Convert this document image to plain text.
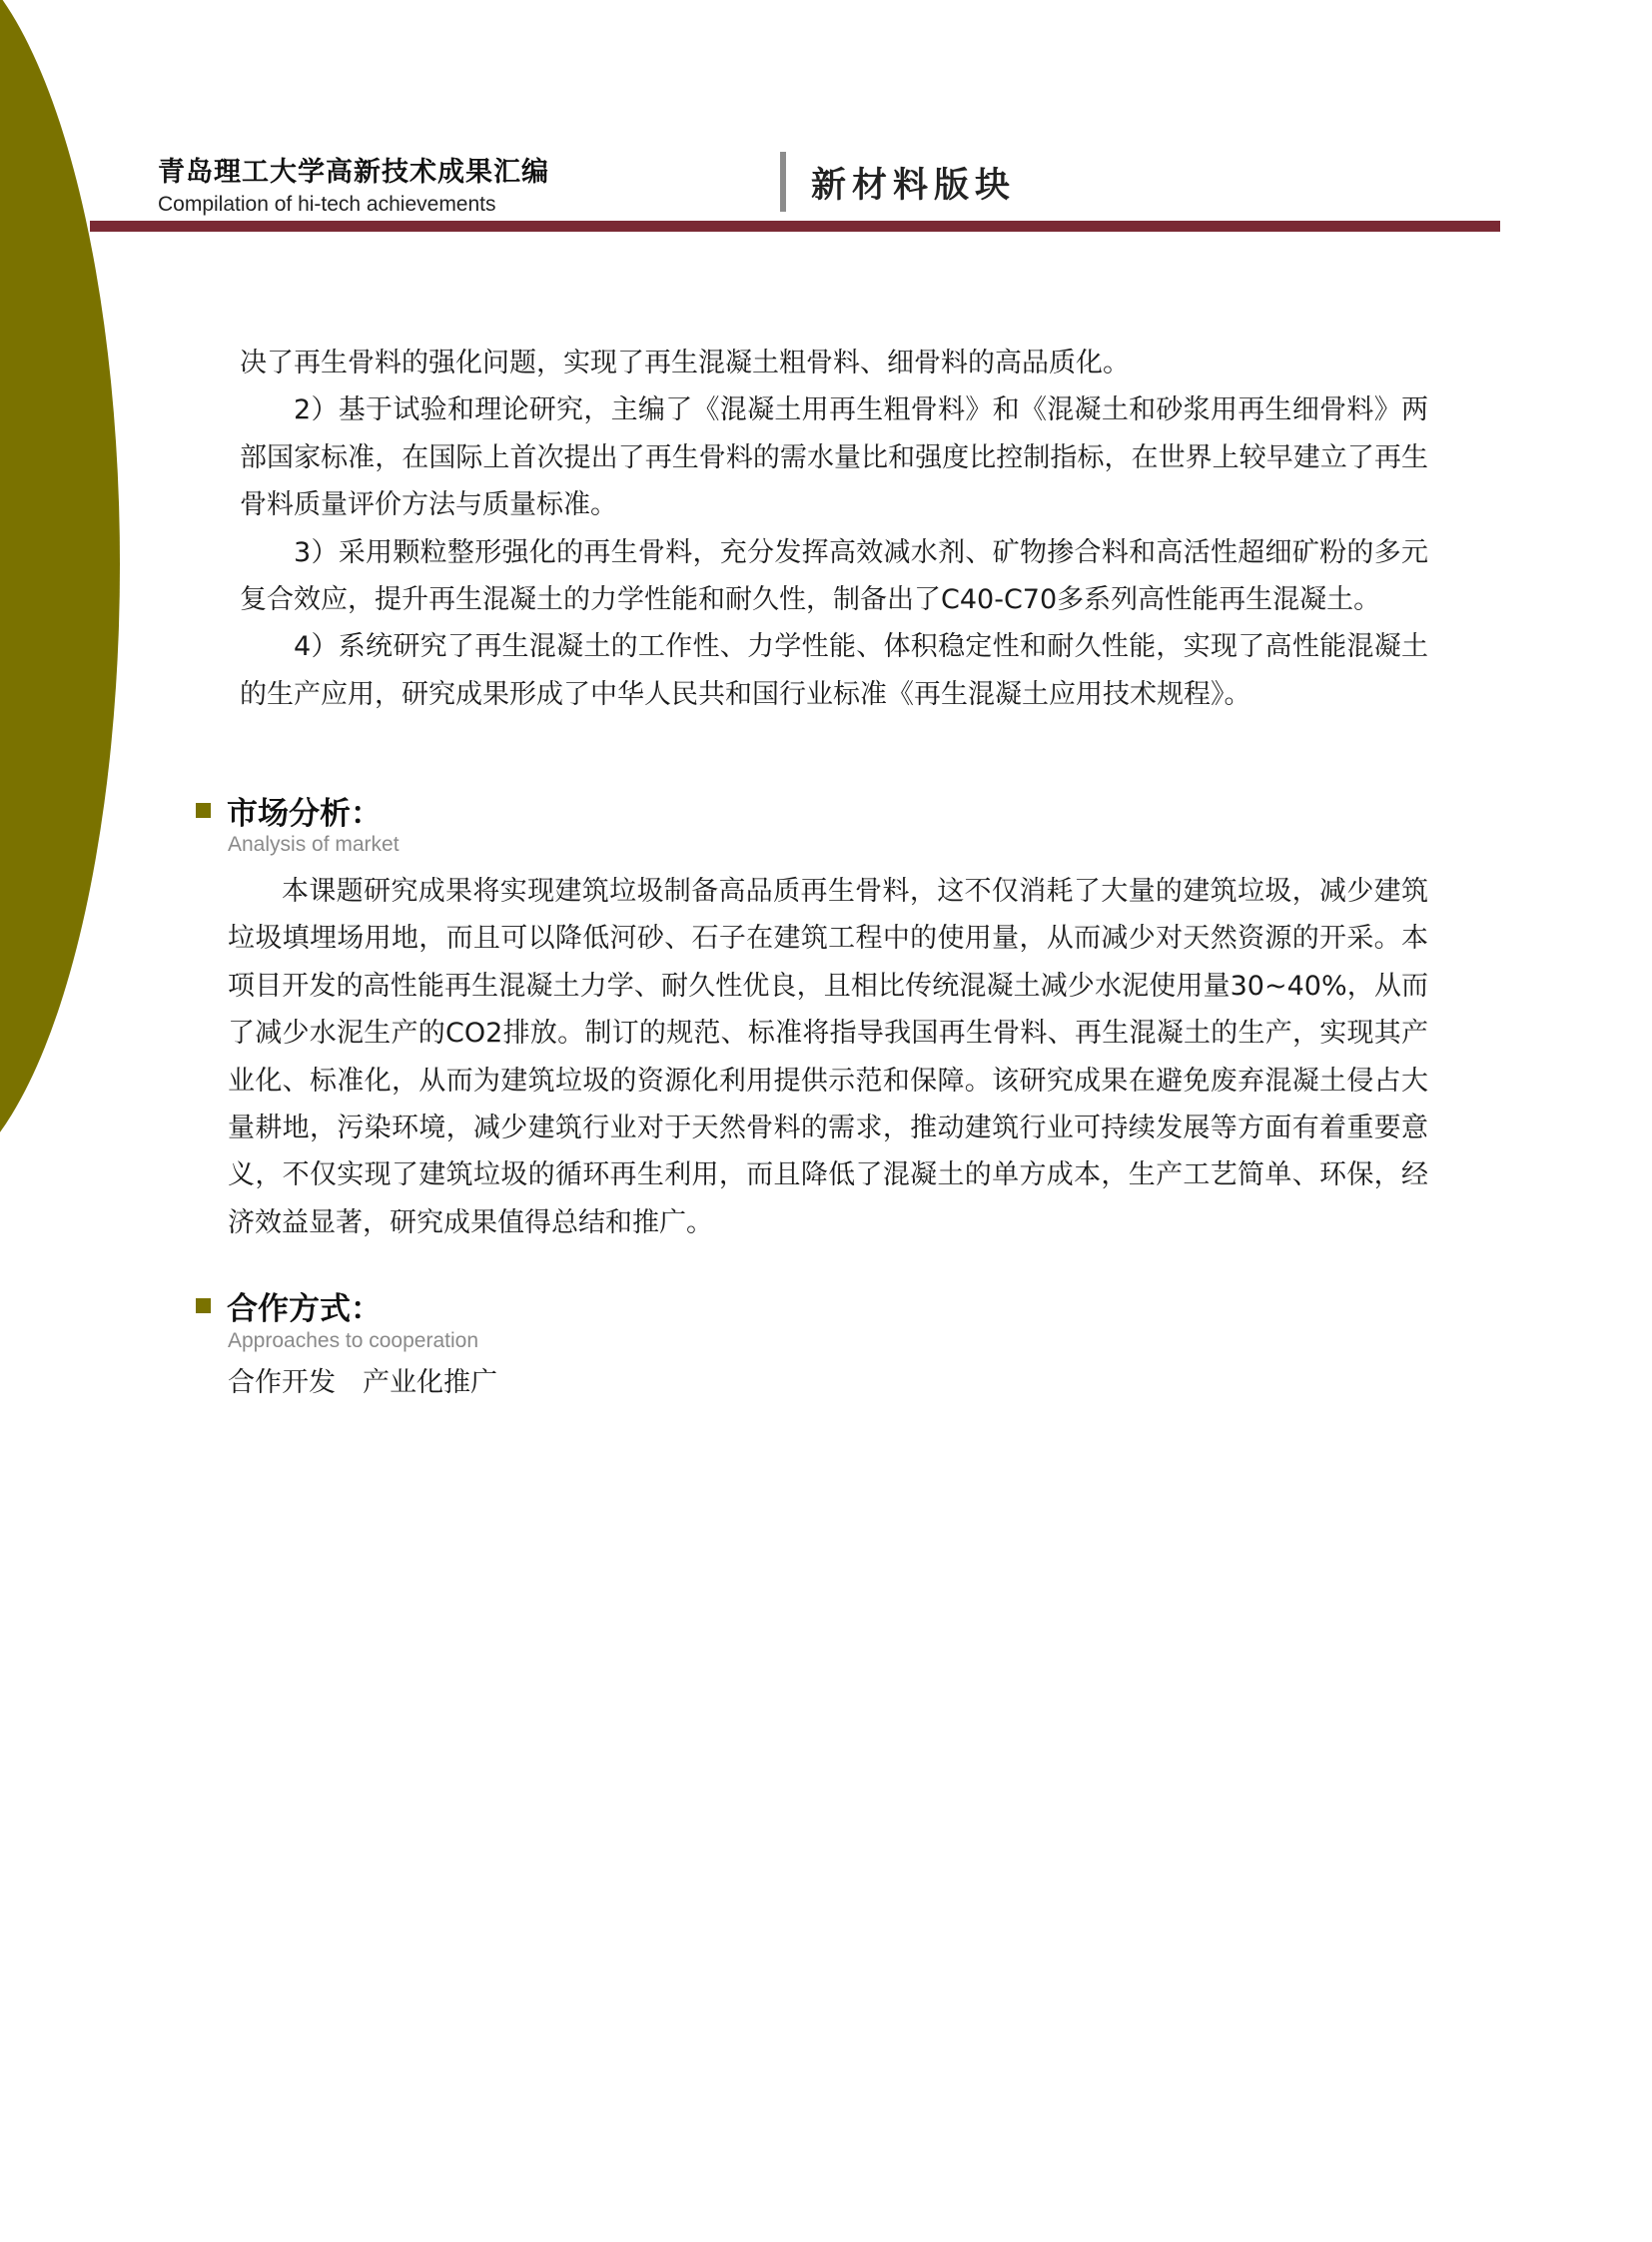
青岛理工大学高新技术成果汇编
Compilation of hi-tech achievements	新材料版块

决了再生骨料的强化问题，实现了再生混凝土粗骨料、细骨料的高品质化。

2）基于试验和理论研究，主编了《混凝土用再生粗骨料》和《混凝土和砂浆用再生细骨料》两部国家标准，在国际上首次提出了再生骨料的需水量比和强度比控制指标，在世界上较早建立了再生骨料质量评价方法与质量标准。

3）采用颗粒整形强化的再生骨料，充分发挥高效减水剂、矿物掺合料和高活性超细矿粉的多元复合效应，提升再生混凝土的力学性能和耐久性，制备出了C40-C70多系列高性能再生混凝土。

4）系统研究了再生混凝土的工作性、力学性能、体积稳定性和耐久性能，实现了高性能混凝土的生产应用，研究成果形成了中华人民共和国行业标准《再生混凝土应用技术规程》。

市场分析：
Analysis of market

本课题研究成果将实现建筑垃圾制备高品质再生骨料，这不仅消耗了大量的建筑垃圾，减少建筑垃圾填埋场用地，而且可以降低河砂、石子在建筑工程中的使用量，从而减少对天然资源的开采。本项目开发的高性能再生混凝土力学、耐久性优良，且相比传统混凝土减少水泥使用量30~40%，从而了减少水泥生产的CO2排放。制订的规范、标准将指导我国再生骨料、再生混凝土的生产，实现其产业化、标准化，从而为建筑垃圾的资源化利用提供示范和保障。该研究成果在避免废弃混凝土侵占大量耕地，污染环境，减少建筑行业对于天然骨料的需求，推动建筑行业可持续发展等方面有着重要意义，不仅实现了建筑垃圾的循环再生利用，而且降低了混凝土的单方成本，生产工艺简单、环保，经济效益显著，研究成果值得总结和推广。

合作方式：
Approaches to cooperation

合作开发　产业化推广
